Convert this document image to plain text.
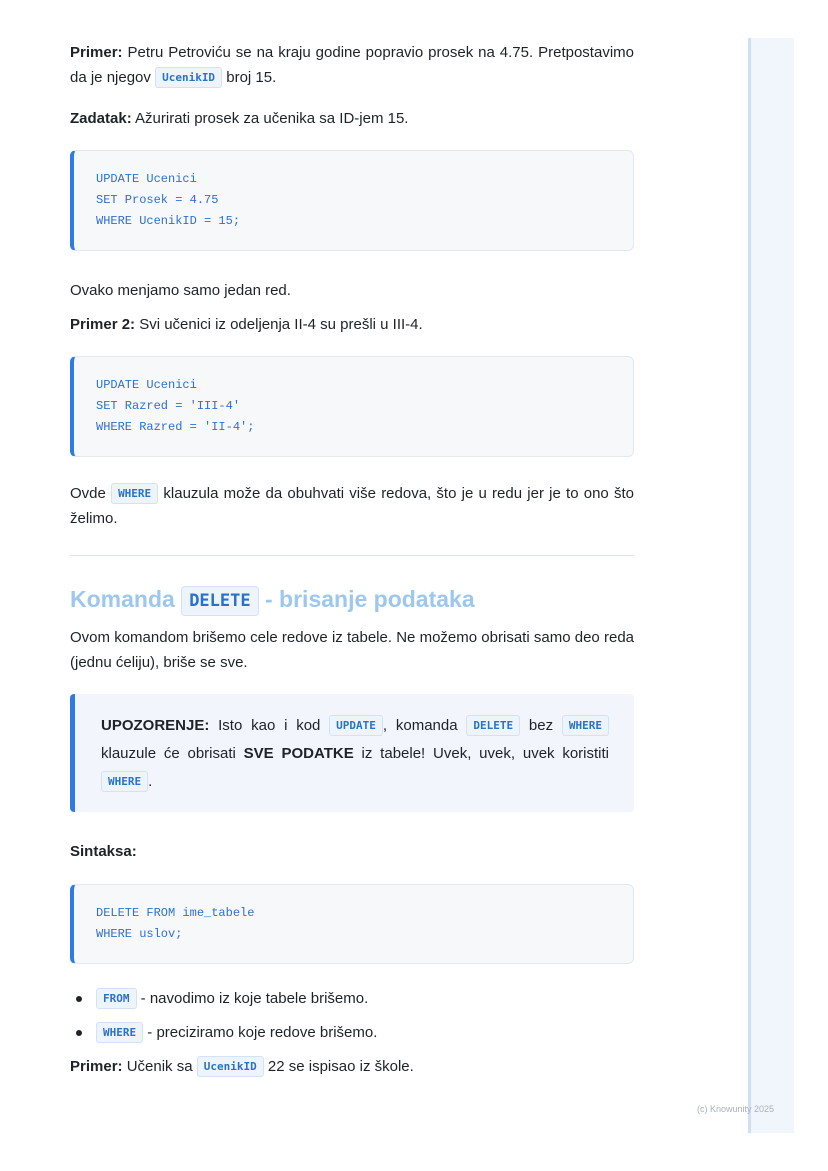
Primer: Petru Petroviću se na kraju godine popravio prosek na 4.75. Pretpostavimo da je njegov UcenikID broj 15.

Zadatak: Ažurirati prosek za učenika sa ID-jem 15.

UPDATE Ucenici
SET Prosek = 4.75
WHERE UcenikID = 15;

Ovako menjamo samo jedan red.

Primer 2: Svi učenici iz odeljenja II-4 su prešli u III-4.

UPDATE Ucenici
SET Razred = 'III-4'
WHERE Razred = 'II-4';

Ovde WHERE klauzula može da obuhvati više redova, što je u redu jer je to ono što želimo.

Komanda DELETE - brisanje podataka

Ovom komandom brišemo cele redove iz tabele. Ne možemo obrisati samo deo reda (jednu ćeliju), briše se sve.

UPOZORENJE: Isto kao i kod UPDATE , komanda DELETE bez WHERE klauzule će obrisati SVE PODATKE iz tabele! Uvek, uvek, uvek koristiti WHERE .

Sintaksa:

DELETE FROM ime_tabele
WHERE uslov;
FROM - navodimo iz koje tabele brišemo.
WHERE - preciziramo koje redove brišemo.

Primer: Učenik sa UcenikID 22 se ispisao iz škole.

(c) Knowunity 2025
